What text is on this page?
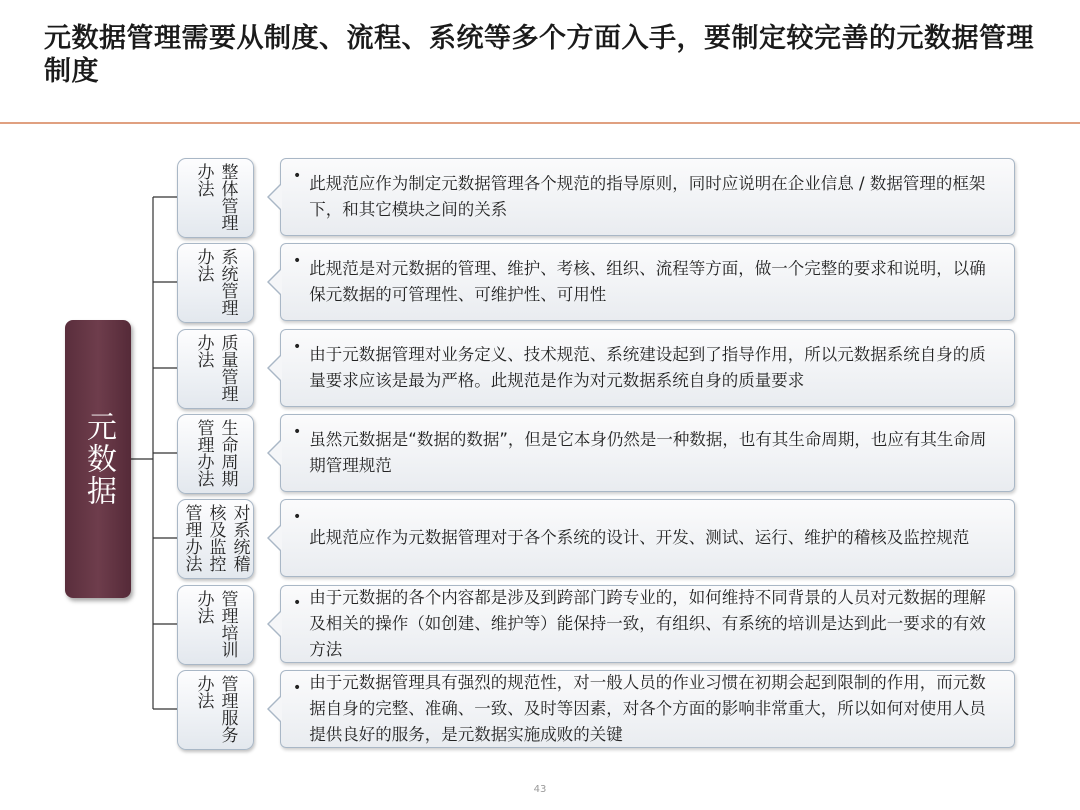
元数据管理需要从制度、流程、系统等多个方面入手，要制定较完善的元数据管理制度
元数据
整体管理办法	• 此规范应作为制定元数据管理各个规范的指导原则，同时应说明在企业信息 / 数据管理的框架下，和其它模块之间的关系
系统管理办法	• 此规范是对元数据的管理、维护、考核、组织、流程等方面，做一个完整的要求和说明，以确保元数据的可管理性、可维护性、可用性
质量管理办法	• 由于元数据管理对业务定义、技术规范、系统建设起到了指导作用，所以元数据系统自身的质量要求应该是最为严格。此规范是作为对元数据系统自身的质量要求
生命周期管理办法	• 虽然元数据是“数据的数据”，但是它本身仍然是一种数据，也有其生命周期，也应有其生命周期管理规范
对系统稽核及监控管理办法	•
此规范应作为元数据管理对于各个系统的设计、开发、测试、运行、维护的稽核及监控规范
管理培训办法	• 由于元数据的各个内容都是涉及到跨部门跨专业的，如何维持不同背景的人员对元数据的理解及相关的操作（如创建、维护等）能保持一致，有组织、有系统的培训是达到此一要求的有效方法
管理服务办法	• 由于元数据管理具有强烈的规范性，对一般人员的作业习惯在初期会起到限制的作用，而元数据自身的完整、准确、一致、及时等因素，对各个方面的影响非常重大，所以如何对使用人员提供良好的服务，是元数据实施成败的关键
43
